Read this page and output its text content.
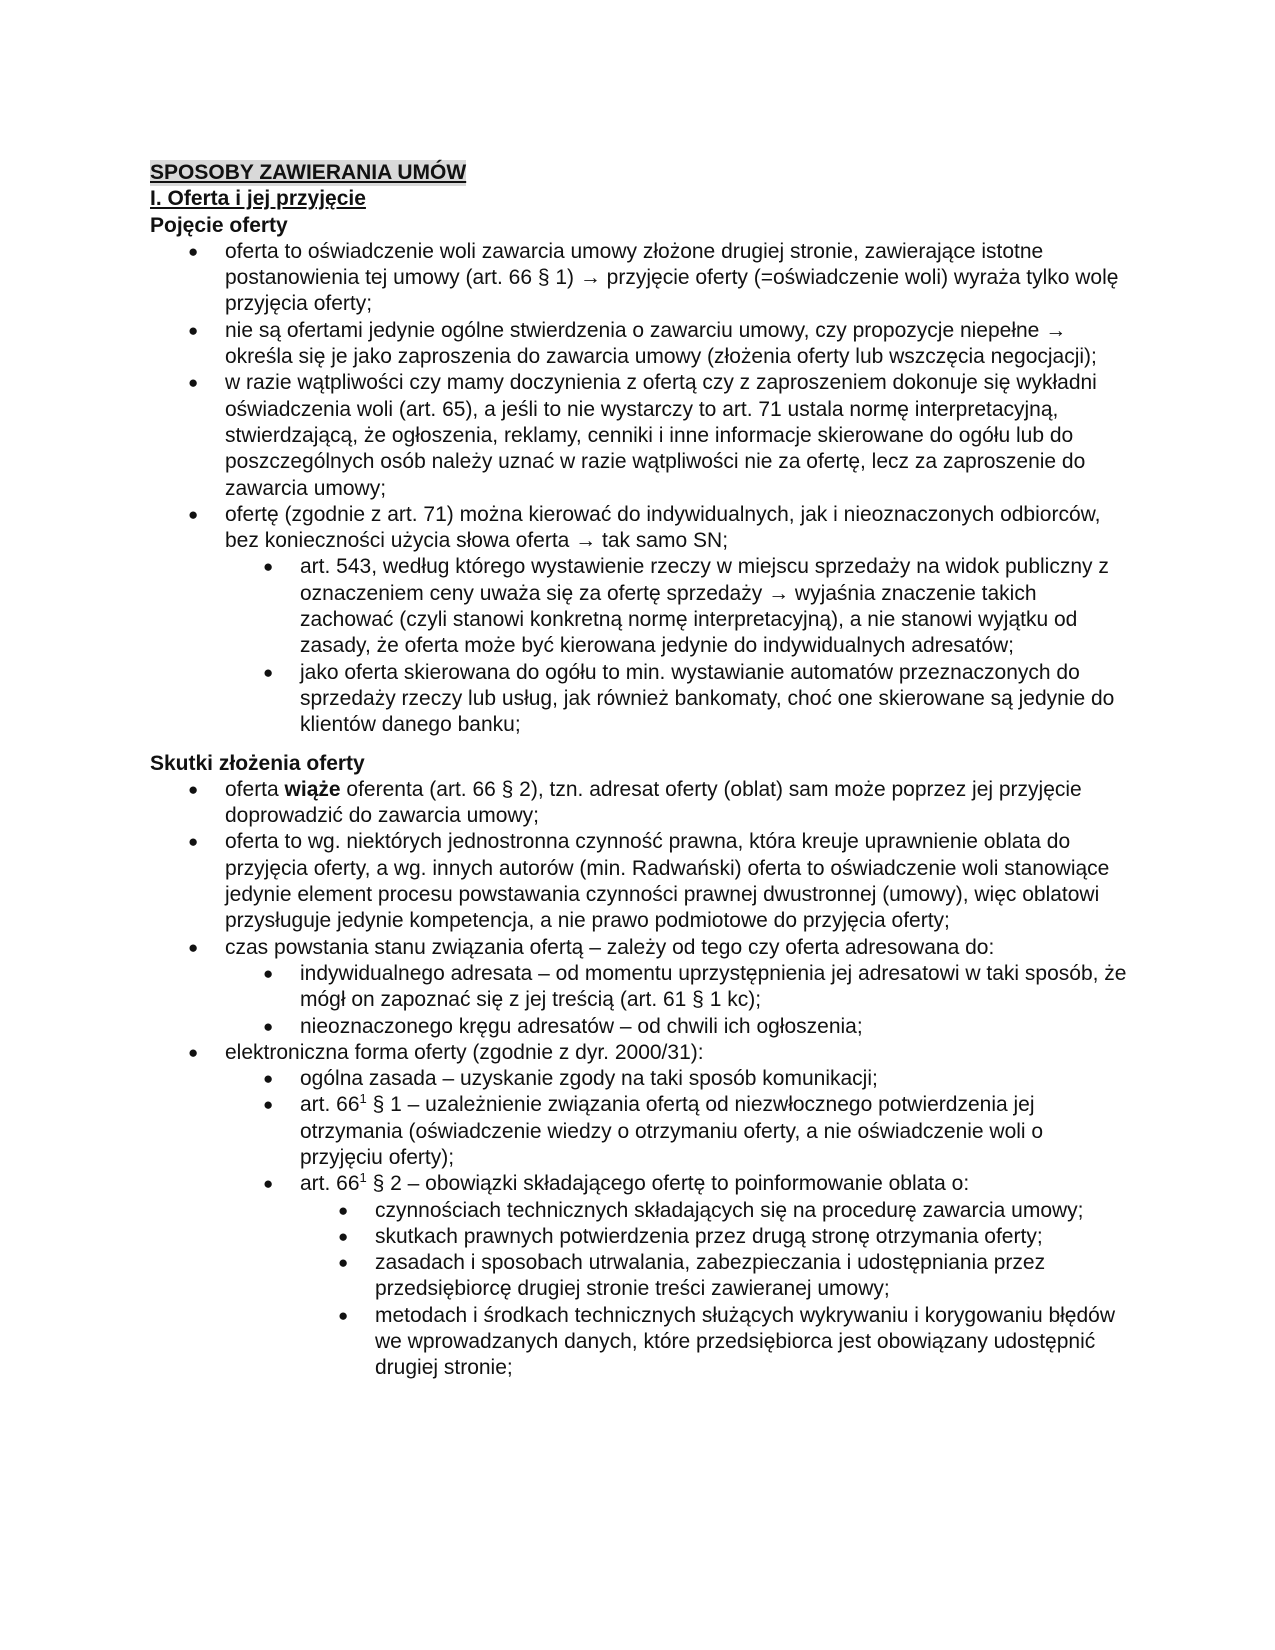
SPOSOBY ZAWIERANIA UMÓW
I. Oferta i jej przyjęcie
Pojęcie oferty
● oferta to oświadczenie woli zawarcia umowy złożone drugiej stronie, zawierające istotne postanowienia tej umowy (art. 66 § 1) → przyjęcie oferty (=oświadczenie woli) wyraża tylko wolę przyjęcia oferty;
● nie są ofertami jedynie ogólne stwierdzenia o zawarciu umowy, czy propozycje niepełne → określa się je jako zaproszenia do zawarcia umowy (złożenia oferty lub wszczęcia negocjacji);
● w razie wątpliwości czy mamy doczynienia z ofertą czy z zaproszeniem dokonuje się wykładni oświadczenia woli (art. 65), a jeśli to nie wystarczy to art. 71 ustala normę interpretacyjną, stwierdzającą, że ogłoszenia, reklamy, cenniki i inne informacje skierowane do ogółu lub do poszczególnych osób należy uznać w razie wątpliwości nie za ofertę, lecz za zaproszenie do zawarcia umowy;
● ofertę (zgodnie z art. 71) można kierować do indywidualnych, jak i nieoznaczonych odbiorców, bez konieczności użycia słowa oferta → tak samo SN;
● art. 543, według którego wystawienie rzeczy w miejscu sprzedaży na widok publiczny z oznaczeniem ceny uważa się za ofertę sprzedaży → wyjaśnia znaczenie takich zachować (czyli stanowi konkretną normę interpretacyjną), a nie stanowi wyjątku od zasady, że oferta może być kierowana jedynie do indywidualnych adresatów;
● jako oferta skierowana do ogółu to min. wystawianie automatów przeznaczonych do sprzedaży rzeczy lub usług, jak również bankomaty, choć one skierowane są jedynie do klientów danego banku;
Skutki złożenia oferty
● oferta wiąże oferenta (art. 66 § 2), tzn. adresat oferty (oblat) sam może poprzez jej przyjęcie doprowadzić do zawarcia umowy;
● oferta to wg. niektórych jednostronna czynność prawna, która kreuje uprawnienie oblata do przyjęcia oferty, a wg. innych autorów (min. Radwański) oferta to oświadczenie woli stanowiące jedynie element procesu powstawania czynności prawnej dwustronnej (umowy), więc oblatowi przysługuje jedynie kompetencja, a nie prawo podmiotowe do przyjęcia oferty;
● czas powstania stanu związania ofertą – zależy od tego czy oferta adresowana do:
● indywidualnego adresata – od momentu uprzystępnienia jej adresatowi w taki sposób, że mógł on zapoznać się z jej treścią (art. 61 § 1 kc);
● nieoznaczonego kręgu adresatów – od chwili ich ogłoszenia;
● elektroniczna forma oferty (zgodnie z dyr. 2000/31):
● ogólna zasada – uzyskanie zgody na taki sposób komunikacji;
● art. $66^1$ § 1 – uzależnienie związania ofertą od niezwłocznego potwierdzenia jej otrzymania (oświadczenie wiedzy o otrzymaniu oferty, a nie oświadczenie woli o przyjęciu oferty);
● art. $66^1$ § 2 – obowiązki składającego ofertę to poinformowanie oblata o:
● czynnościach technicznych składających się na procedurę zawarcia umowy;
● skutkach prawnych potwierdzenia przez drugą stronę otrzymania oferty;
● zasadach i sposobach utrwalania, zabezpieczania i udostępniania przez przedsiębiorcę drugiej stronie treści zawieranej umowy;
● metodach i środkach technicznych służących wykrywaniu i korygowaniu błędów we wprowadzanych danych, które przedsiębiorca jest obowiązany udostępnić drugiej stronie;
